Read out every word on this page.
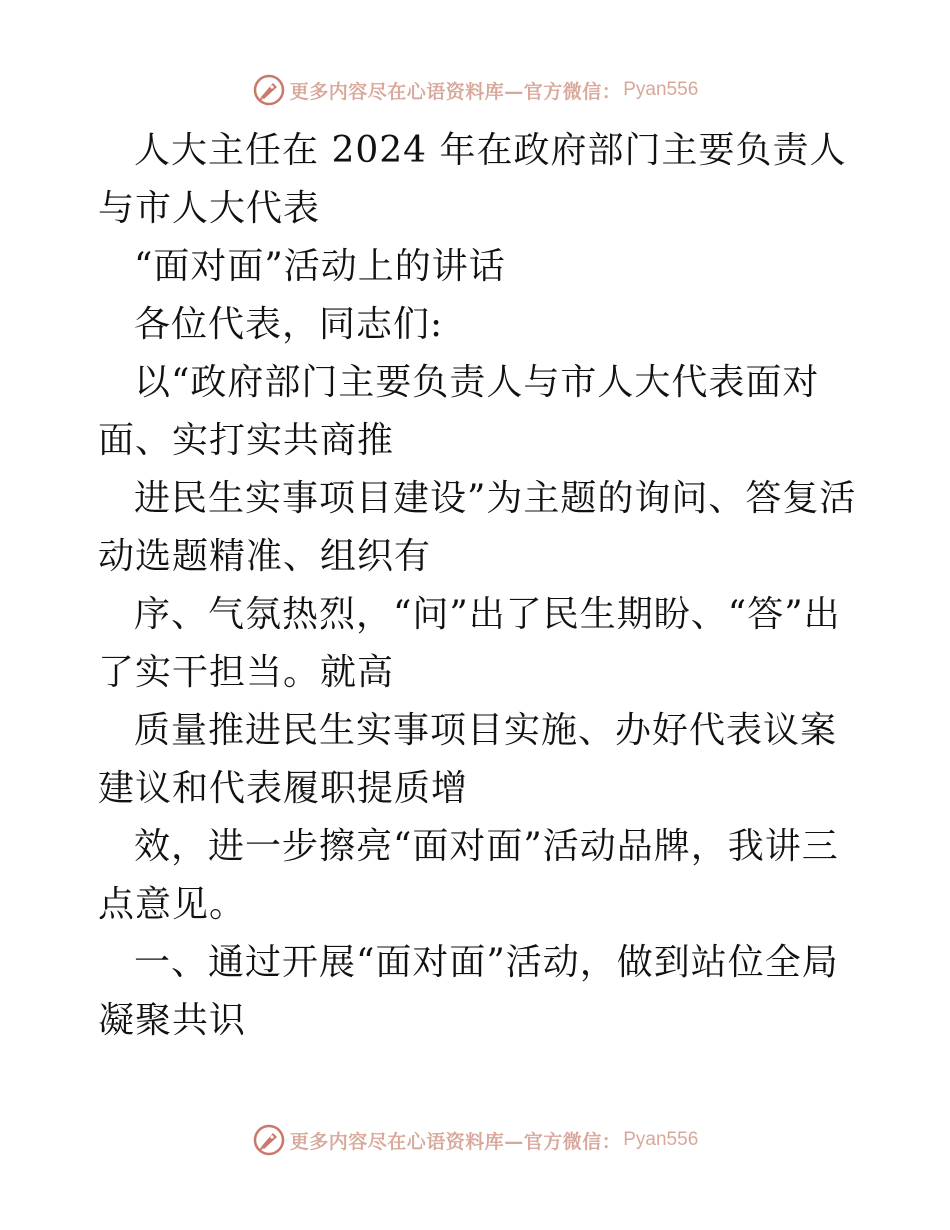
更多内容尽在心语资料库—官方微信： Pyan556

人大主任在 2024 年在政府部门主要负责人与市人大代表

“面对面”活动上的讲话

各位代表，同志们:

以“政府部门主要负责人与市人大代表面对面、实打实共商推

进民生实事项目建设”为主题的询问、答复活动选题精准、组织有

序、气氛热烈，“问”出了民生期盼、“答”出了实干担当。就高

质量推进民生实事项目实施、办好代表议案建议和代表履职提质增

效，进一步擦亮“面对面”活动品牌，我讲三点意见。

一、通过开展“面对面”活动，做到站位全局凝聚共识

更多内容尽在心语资料库—官方微信： Pyan556
